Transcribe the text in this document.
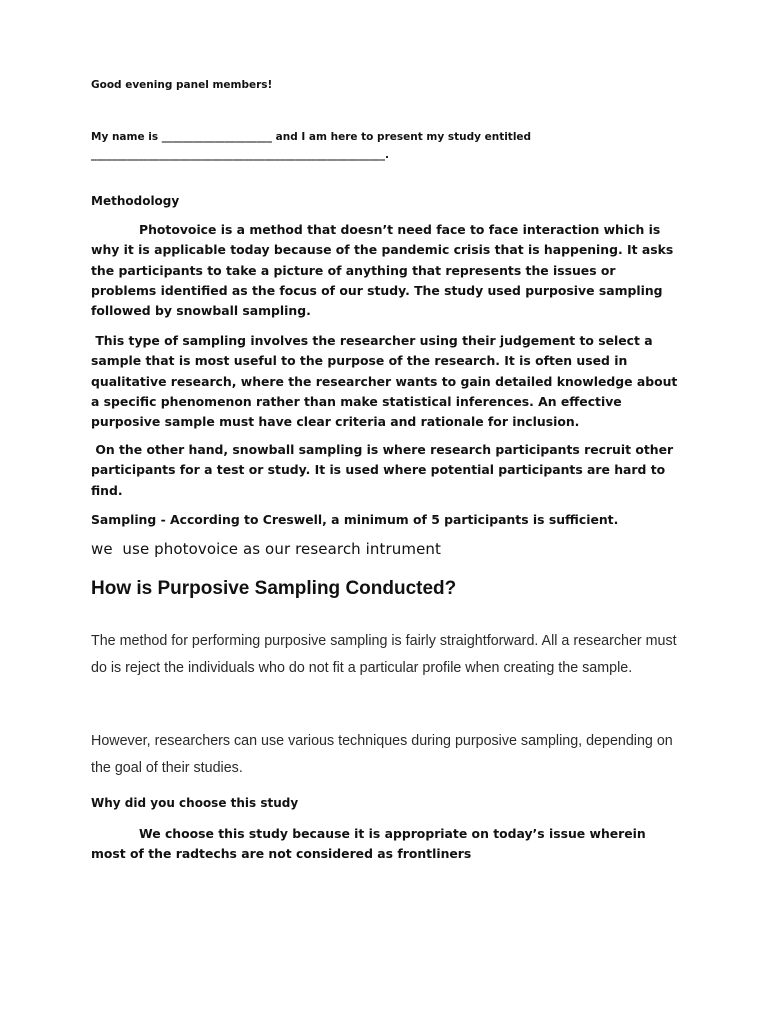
Good evening panel members!
My name is _____________________ and I am here to present my study entitled
________________________________________________________.
Methodology

Photovoice is a method that doesn’t need face to face interaction which is why it is applicable today because of the pandemic crisis that is happening. It asks the participants to take a picture of anything that represents the issues or problems identified as the focus of our study. The study used purposive sampling followed by snowball sampling.

This type of sampling involves the researcher using their judgement to select a sample that is most useful to the purpose of the research. It is often used in qualitative research, where the researcher wants to gain detailed knowledge about a specific phenomenon rather than make statistical inferences. An effective purposive sample must have clear criteria and rationale for inclusion.

On the other hand, snowball sampling is where research participants recruit other participants for a test or study. It is used where potential participants are hard to find.

Sampling - According to Creswell, a minimum of 5 participants is sufficient.

we  use photovoice as our research intrument
How is Purposive Sampling Conducted?

The method for performing purposive sampling is fairly straightforward. All a researcher must do is reject the individuals who do not fit a particular profile when creating the sample.

However, researchers can use various techniques during purposive sampling, depending on the goal of their studies.

Why did you choose this study

We choose this study because it is appropriate on today’s issue wherein most of the radtechs are not considered as frontliners
